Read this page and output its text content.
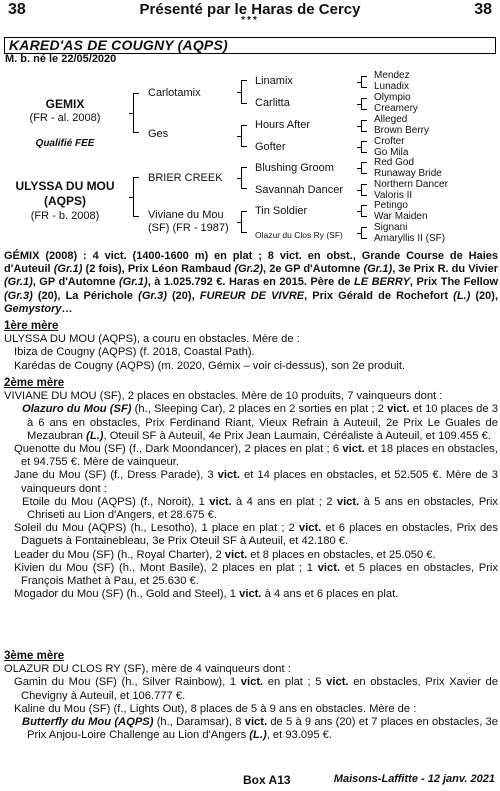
38	Présenté par le Haras de Cercy	38
***
KARED'AS DE COUGNY (AQPS)
M. b. né le 22/05/2020
GEMIX
(FR - al. 2008)
Qualifié FEE
ULYSSA DU MOU
(AQPS)
(FR - b. 2008)
Carlotamix
Ges
BRIER CREEK
Viviane du Mou
(SF) (FR - 1987)
Linamix
Carlitta
Hours After
Gofter
Blushing Groom
Savannah Dancer
Tin Soldier
Olazur du Clos Ry (SF)
Mendez
Lunadix
Olympio
Creamery
Alleged
Brown Berry
Crofter
Go Mila
Red God
Runaway Bride
Northern Dancer
Valoris II
Petingo
War Maiden
Signani
Amaryllis II (SF)
GÉMIX (2008) : 4 vict. (1400-1600 m) en plat ; 8 vict. en obst., Grande Course de Haies d'Auteuil (Gr.1) (2 fois), Prix Léon Rambaud (Gr.2), 2e GP d'Automne (Gr.1), 3e Prix R. du Vivier (Gr.1), GP d'Automne (Gr.1), à 1.025.792 €. Haras en 2015. Père de LE BERRY, Prix The Fellow (Gr.3) (20), La Périchole (Gr.3) (20), FUREUR DE VIVRE, Prix Gérald de Rochefort (L.) (20), Gemystory…

1ère mère

ULYSSA DU MOU (AQPS), a couru en obstacles. Mère de :

Ibiza de Cougny (AQPS) (f. 2018, Coastal Path).

Karédas de Cougny (AQPS) (m. 2020, Gémix – voir ci-dessus), son 2e produit.

2ème mère

VIVIANE DU MOU (SF), 2 places en obstacles. Mère de 10 produits, 7 vainqueurs dont :

Olazuro du Mou (SF) (h., Sleeping Car), 2 places en 2 sorties en plat ; 2 vict. et 10 places de 3 à 6 ans en obstacles, Prix Ferdinand Riant, Vieux Refrain à Auteuil, 2e Prix Le Guales de Mezaubran (L.), Oteuil SF à Auteuil, 4e Prix Jean Laumain, Céréaliste à Auteuil, et 109.455 €.

Quenotte du Mou (SF) (f., Dark Moondancer), 2 places en plat ; 6 vict. et 18 places en obstacles, et 94.755 €. Mère de vainqueur.

Jane du Mou (SF) (f., Dress Parade), 3 vict. et 14 places en obstacles, et 52.505 €. Mère de 3 vainqueurs dont :

Etoile du Mou (AQPS) (f., Noroit), 1 vict. à 4 ans en plat ; 2 vict. à 5 ans en obstacles, Prix Chriseti au Lion d'Angers, et 28.675 €.

Soleil du Mou (AQPS) (h., Lesotho), 1 place en plat ; 2 vict. et 6 places en obstacles, Prix des Daguets à Fontainebleau, 3e Prix Oteuil SF à Auteuil, et 42.180 €.

Leader du Mou (SF) (h., Royal Charter), 2 vict. et 8 places en obstacles, et 25.050 €.

Kivien du Mou (SF) (h., Mont Basile), 2 places en plat ; 1 vict. et 5 places en obstacles, Prix François Mathet à Pau, et 25.630 €.

Mogador du Mou (SF) (h., Gold and Steel), 1 vict. à 4 ans et 6 places en plat.

3ème mère

OLAZUR DU CLOS RY (SF), mère de 4 vainqueurs dont :

Gamin du Mou (SF) (h., Silver Rainbow), 1 vict. en plat ; 5 vict. en obstacles, Prix Xavier de Chevigny à Auteuil, et 106.777 €.

Kaline du Mou (SF) (f., Lights Out), 8 places de 5 à 9 ans en obstacles. Mère de :

Butterfly du Mou (AQPS) (h., Daramsar), 8 vict. de 5 à 9 ans (20) et 7 places en obstacles, 3e Prix Anjou-Loire Challenge au Lion d'Angers (L.), et 93.095 €.

Box A13	Maisons-Laffitte - 12 janv. 2021
